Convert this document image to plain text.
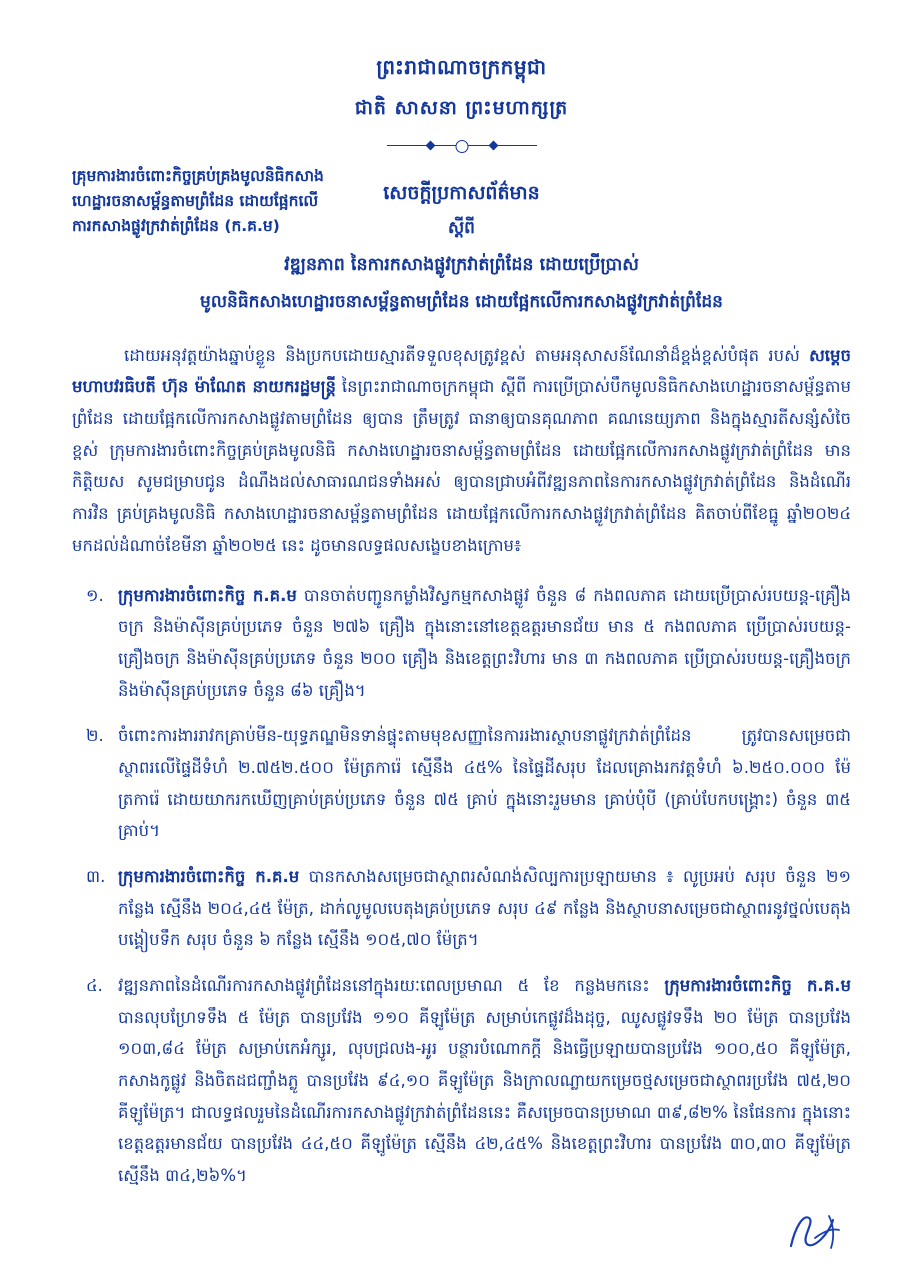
ព្រះរាជាណាចក្រកម្ពុជា
ជាតិ សាសនា ព្រះមហាក្សត្រ
គ្រុមការងារចំពោះកិច្ចគ្រប់គ្រងមូលនិធិកសាង
ហេដ្ឋារចនាសម្ព័ន្ធតាមព្រំដែន ដោយផ្អែកលើ
ការកសាងផ្លូវក្រវាត់ព្រំដែន (ក.គ.ម)
សេចក្ដីប្រកាសព័ត៌មាន
ស្ដីពី
វឌ្ឍនភាព នៃការកសាងផ្លូវក្រវាត់ព្រំដែន ដោយប្រើប្រាស់
មូលនិធិកសាងហេដ្ឋារចនាសម្ព័ន្ធតាមព្រំដែន ដោយផ្អែកលើការកសាងផ្លូវក្រវាត់ព្រំដែន
ដោយអនុវត្តយ៉ាងឆ្នាប់ខ្លួន និងប្រកបដោយស្មារតីទទួលខុសត្រូវខ្ពស់ តាមអនុសាសន៍ណែនាំដ៏ខ្ពង់ខ្ពស់បំផុត របស់ សម្ដេចមហាបវរធិបតី ហ៊ុន ម៉ាណែត នាយករដ្ឋមន្ត្រី នៃព្រះរាជាណាចក្រកម្ពុជា ស្ដីពី ការប្រើប្រាស់បឹកមូលនិធិកសាងហេដ្ឋារចនាសម្ព័ន្ធតាមព្រំដែន ដោយផ្អែកលើការកសាងផ្លូវតាមព្រំដែន ឲ្យបាន ត្រឹមត្រូវ ធានាឲ្យបានគុណភាព គណនេយ្យភាព និងក្នុងស្មារតីសន្សំសំចៃខ្ពស់ ក្រុមការងារចំពោះកិច្ចគ្រប់គ្រងមូលនិធិ កសាងហេដ្ឋារចនាសម្ព័ន្ធតាមព្រំដែន ដោយផ្អែកលើការកសាងផ្លូវក្រវាត់ព្រំដែន មានកិត្តិយស សូមជម្រាបជូន ដំណឹងដល់សាធារណជនទាំងអស់ ឲ្យបានជ្រាបអំពីវឌ្ឍនភាពនៃការកសាងផ្លូវក្រវាត់ព្រំដែន និងដំណើរការវិន គ្រប់គ្រងមូលនិធិ កសាងហេដ្ឋារចនាសម្ព័ន្ធតាមព្រំដែន ដោយផ្អែកលើការកសាងផ្លូវក្រវាត់ព្រំដែន គិតចាប់ពីខែធ្នូ ឆ្នាំ២០២៤ មកដល់ដំណាច់ខែមីនា ឆ្នាំ២០២៥ នេះ ដូចមានលទ្ធផលសង្ខេបខាងក្រោម៖
១. ក្រុមការងារចំពោះកិច្ច ក.គ.ម បានចាត់បញ្ជូនកម្លាំងវិស្វកម្មកសាងផ្លូវ ចំនួន ៨ កងពលភាគ ដោយប្រើប្រាស់របយន្ត-គ្រឿងចក្រ និងម៉ាស៊ីនគ្រប់ប្រភេទ ចំនួន ២៧៦ គ្រឿង ក្នុងនោះនៅខេត្តឧត្ដរមានជ័យ មាន ៥ កងពលភាគ ប្រើប្រាស់របយន្ត-គ្រឿងចក្រ និងម៉ាស៊ីនគ្រប់ប្រភេទ ចំនួន ២០០ គ្រឿង និងខេត្តព្រះវិហារ មាន ៣ កងពលភាគ ប្រើប្រាស់របយន្ត-គ្រឿងចក្រ និងម៉ាស៊ីនគ្រប់ប្រភេទ ចំនួន ៨៦ គ្រឿង។
២. ចំពោះការងាររាវកគ្រាប់មីន-យុទ្ធភណ្ឌមិនទាន់ផ្ទុះតាមមុខសញ្ញានៃការរងារស្ថាបនាផ្លូវក្រវាត់ព្រំដែន ត្រូវបានសម្រេចជាស្ថាពរលើផ្ទៃដីទំហំ ២.៧៥២.៥០០ ម៉ែត្រការ៉េ ស្មើនឹង ៤៥% នៃផ្ទៃដីសរុប ដែលគ្រោងរកវត្តទំហំ ៦.២៥០.០០០ ម៉ែត្រការ៉េ ដោយយាករកឃើញគ្រាប់គ្រប់ប្រភេទ ចំនួន ៧៥ គ្រាប់ ក្នុងនោះរួមមាន គ្រាប់បុំបី (គ្រាប់បែកបង្គ្រោះ) ចំនួន ៣៥ គ្រាប់។
៣. ក្រុមការងារចំពោះកិច្ច ក.គ.ម បានកសាងសម្រេចជាស្ថាពរសំណង់សិល្បការប្រឡាយមាន ៖ លូប្រអប់ សរុប ចំនួន ២១ កន្លែង ស្មើនឹង ២០៤,៤៥ ម៉ែត្រ, ដាក់លូមូលបេតុងគ្រប់ប្រភេទ សរុប ៤៩ កន្លែង និងស្ថាបនាសម្រេចជាស្ថាពរនូវថ្នល់បេតុងបង្គៀបទឹក សរុប ចំនួន ៦ កន្លែង ស្មើនឹង ១០៥,៧០ ម៉ែត្រ។
៤. វឌ្ឍនភាពនៃដំណើរការកសាងផ្លូវព្រំដែននៅក្នុងរយៈពេលប្រមាណ ៥ ខែ កន្លងមកនេះ ក្រុមការងារចំពោះកិច្ច ក.គ.ម បានលុបហ្រែទទឹង ៥ ម៉ែត្រ បានប្រវែង ១១០ គីឡូម៉ែត្រ សម្រាប់កេផ្លូវដ៏ងដុច្ច, ឈូសផ្លូវទទឹង ២០ ម៉ែត្រ បានប្រវែង ១០៣,៨៤ ម៉ែត្រ សម្រាប់កេអំក្សូរ, លុបជ្រលង-អូរ បន្ថារបំណោកក្តី និងធ្វើប្រឡាយបានប្រវែង ១០០,៥០ គីឡូម៉ែត្រ, កសាងកូផ្លូវ និងចិតដជញ្ជាំងភ្លូ បានប្រវែង ៩៤,១០ គីឡូម៉ែត្រ និងក្រាលណ្លាយកម្រេចថ្មសម្រេចជាស្ថាពរប្រវែង ៧៥,២០ គីឡូម៉ែត្រ។ ជាលទ្ធផលរួមនៃដំណើរការកសាងផ្លូវក្រវាត់ព្រំដែននេះ គឺសម្រេចបានប្រមាណ ៣៩,៨២% នៃផែនការ ក្នុងនោះ ខេត្តឧត្ដរមានជ័យ បានប្រវែង ៤៤,៥០ គីឡូម៉ែត្រ ស្មើនឹង ៤២,៤៥% និងខេត្តព្រះវិហារ បានប្រវែង ៣០,៣០ គីឡូម៉ែត្រ ស្មើនឹង ៣៤,២៦%។
